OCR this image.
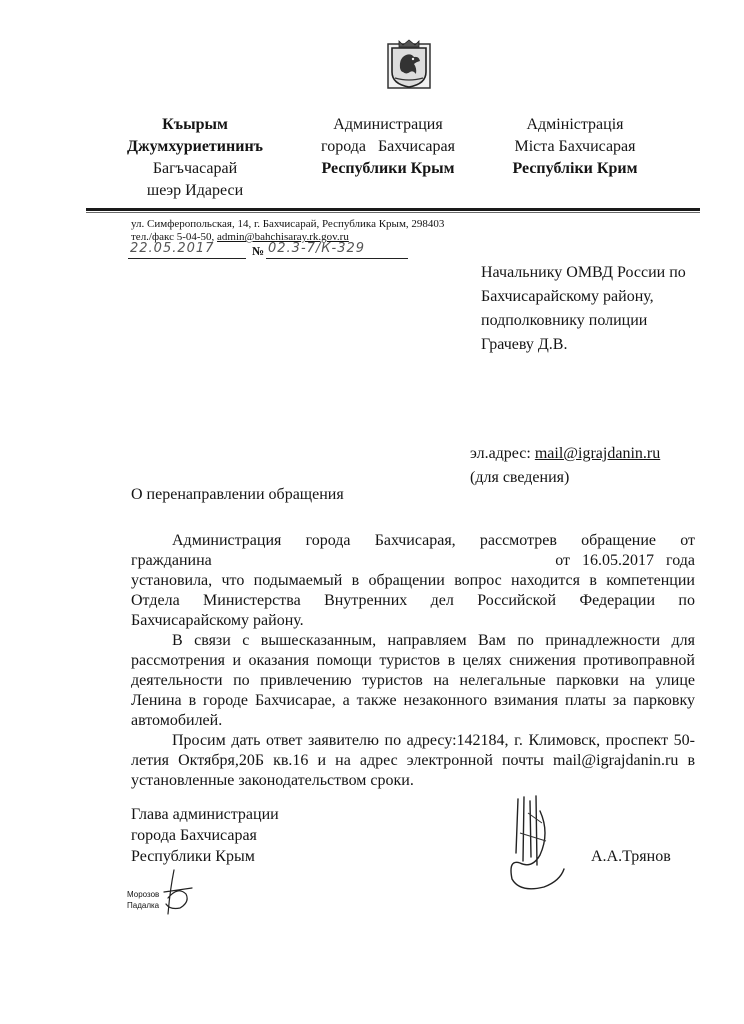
Къырым
Джумхуриетининъ
Багъчасарай
шеэр Идареси
Администрация
города   Бахчисарая
Республики Крым
Адміністрація
Міста Бахчисарая
Республіки Крим
ул. Симферопольская, 14, г. Бахчисарай, Республика Крым, 298403
тел./факс 5-04-50, admin@bahchisaray.rk.gov.ru
22.05.2017	№ 02.3-7/К-329
Начальнику ОМВД России по
Бахчисарайскому району,
подполковнику полиции
Грачеву Д.В.
эл.адрес: mail@igrajdanin.ru
(для сведения)
О перенаправлении обращения
Администрация   города   Бахчисарая,   рассмотрев   обращение   от
гражданина	от   16.05.2017   года

установила, что подымаемый в обращении вопрос находится в компетенции Отдела Министерства Внутренних дел Российской Федерации по Бахчисарайскому району.

В связи с вышесказанным, направляем Вам по принадлежности для рассмотрения и оказания помощи туристов в целях снижения противоправной деятельности по привлечению туристов на нелегальные парковки на улице Ленина в городе Бахчисарае, а также незаконного взимания платы за парковку автомобилей.

Просим дать ответ заявителю по адресу:142184, г. Климовск, проспект 50-летия Октября,20Б кв.16 и на адрес электронной почты mail@igrajdanin.ru в установленные законодательством сроки.

Глава администрации
города Бахчисарая
Республики Крым	А.А.Трянов
Морозов
Падалка
